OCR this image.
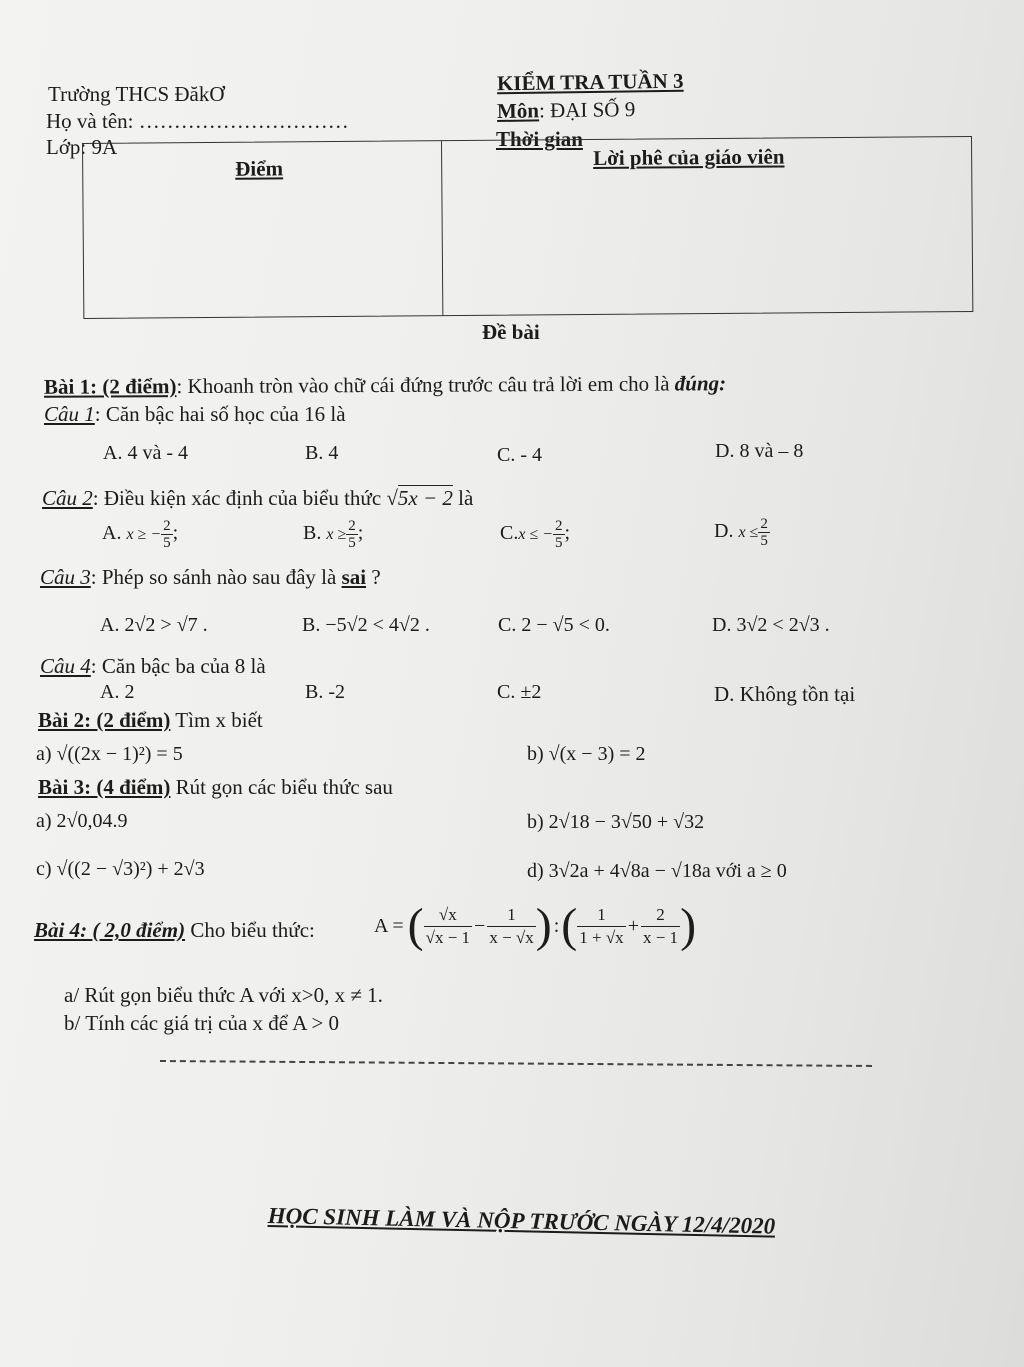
Trường THCS ĐăkƠ
Họ và tên: …………………………
Lớp: 9A
KIỂM TRA TUẦN 3
Môn: ĐẠI SỐ 9
Thời gian
Điểm	Lời phê của giáo viên
Đề bài
Bài 1: (2 điểm): Khoanh tròn vào chữ cái đứng trước câu trả lời em cho là đúng:
Câu 1: Căn bậc hai số học của 16 là
A. 4 và - 4	B. 4	C. - 4	D. 8 và – 8
Câu 2: Điều kiện xác định của biểu thức √5x − 2 là
A. x ≥ − $\frac{2}{5}$ ;	B. $x \ge \frac{2}{5}$ ;	C.x ≤ − $\frac{2}{5}$ ;	D. $x \le \frac{2}{5}$
Câu 3: Phép so sánh nào sau đây là sai ?
A. 2√2 > √7 .	B. −5√2 < 4√2 .	C. 2 − √5 < 0.	D. 3√2 < 2√3 .
Câu 4: Căn bậc ba của 8 là
A. 2	B. -2	C. ±2	D. Không tồn tại
Bài 2: (2 điểm) Tìm x biết
a) √((2x − 1)²) = 5	b) √(x − 3) = 2
Bài 3: (4 điểm) Rút gọn các biểu thức sau
a) 2√0,04.9	b) 2√18 − 3√50 + √32
c) √((2 − √3)²) + 2√3	d) 3√2a + 4√8a − √18a với a ≥ 0
Bài 4: ( 2,0 điểm) Cho biểu thức:	A = ( $\frac{√x}{√x - 1} - \frac{1}{x - √x}$ ) : ( $\frac{1}{1 + √x} + \frac{2}{x - 1}$ )
a/ Rút gọn biểu thức A với x>0, x ≠ 1.
b/ Tính các giá trị của x để A > 0
HỌC SINH LÀM VÀ NỘP TRƯỚC NGÀY 12/4/2020
